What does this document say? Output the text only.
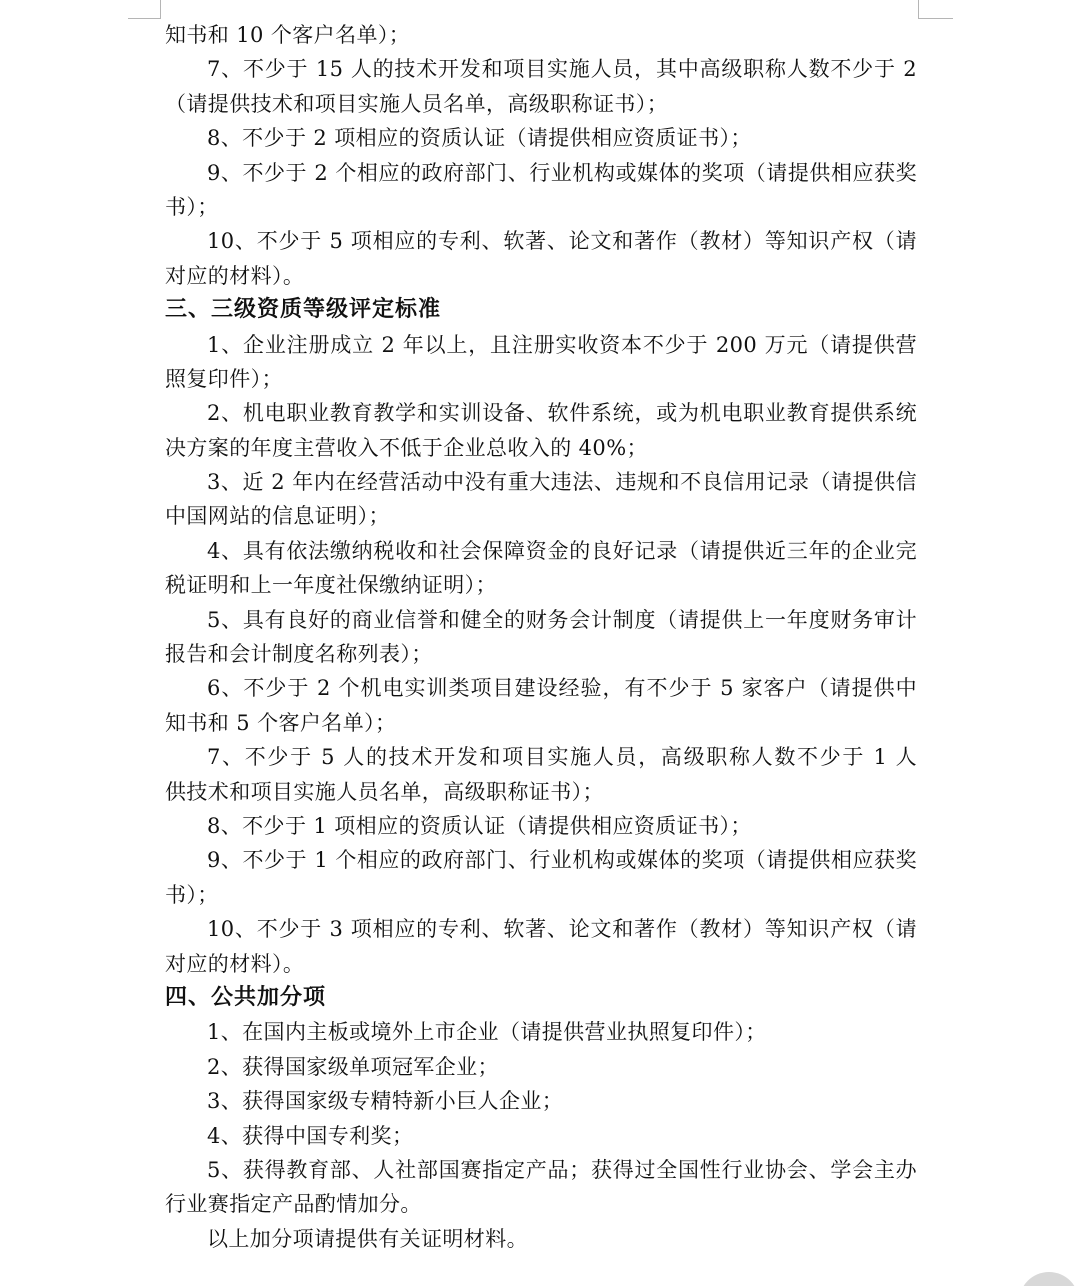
知书和 10 个客户名单）；
7、不少于 15 人的技术开发和项目实施人员，其中高级职称人数不少于 2
（请提供技术和项目实施人员名单，高级职称证书）；
8、不少于 2 项相应的资质认证（请提供相应资质证书）；
9、不少于 2 个相应的政府部门、行业机构或媒体的奖项（请提供相应获奖
书）；
10、不少于 5 项相应的专利、软著、论文和著作（教材）等知识产权（请
对应的材料）。
三、三级资质等级评定标准
1、企业注册成立 2 年以上，且注册实收资本不少于 200 万元（请提供营
照复印件）；
2、机电职业教育教学和实训设备、软件系统，或为机电职业教育提供系统
决方案的年度主营收入不低于企业总收入的 40%；
3、近 2 年内在经营活动中没有重大违法、违规和不良信用记录（请提供信
中国网站的信息证明）；
4、具有依法缴纳税收和社会保障资金的良好记录（请提供近三年的企业完
税证明和上一年度社保缴纳证明）；
5、具有良好的商业信誉和健全的财务会计制度（请提供上一年度财务审计
报告和会计制度名称列表）；
6、不少于 2 个机电实训类项目建设经验，有不少于 5 家客户（请提供中
知书和 5 个客户名单）；
7、不少于 5 人的技术开发和项目实施人员，高级职称人数不少于 1 人
供技术和项目实施人员名单，高级职称证书）；
8、不少于 1 项相应的资质认证（请提供相应资质证书）；
9、不少于 1 个相应的政府部门、行业机构或媒体的奖项（请提供相应获奖
书）；
10、不少于 3 项相应的专利、软著、论文和著作（教材）等知识产权（请
对应的材料）。
四、公共加分项
1、在国内主板或境外上市企业（请提供营业执照复印件）；
2、获得国家级单项冠军企业；
3、获得国家级专精特新小巨人企业；
4、获得中国专利奖；
5、获得教育部、人社部国赛指定产品；获得过全国性行业协会、学会主办
行业赛指定产品酌情加分。
以上加分项请提供有关证明材料。
